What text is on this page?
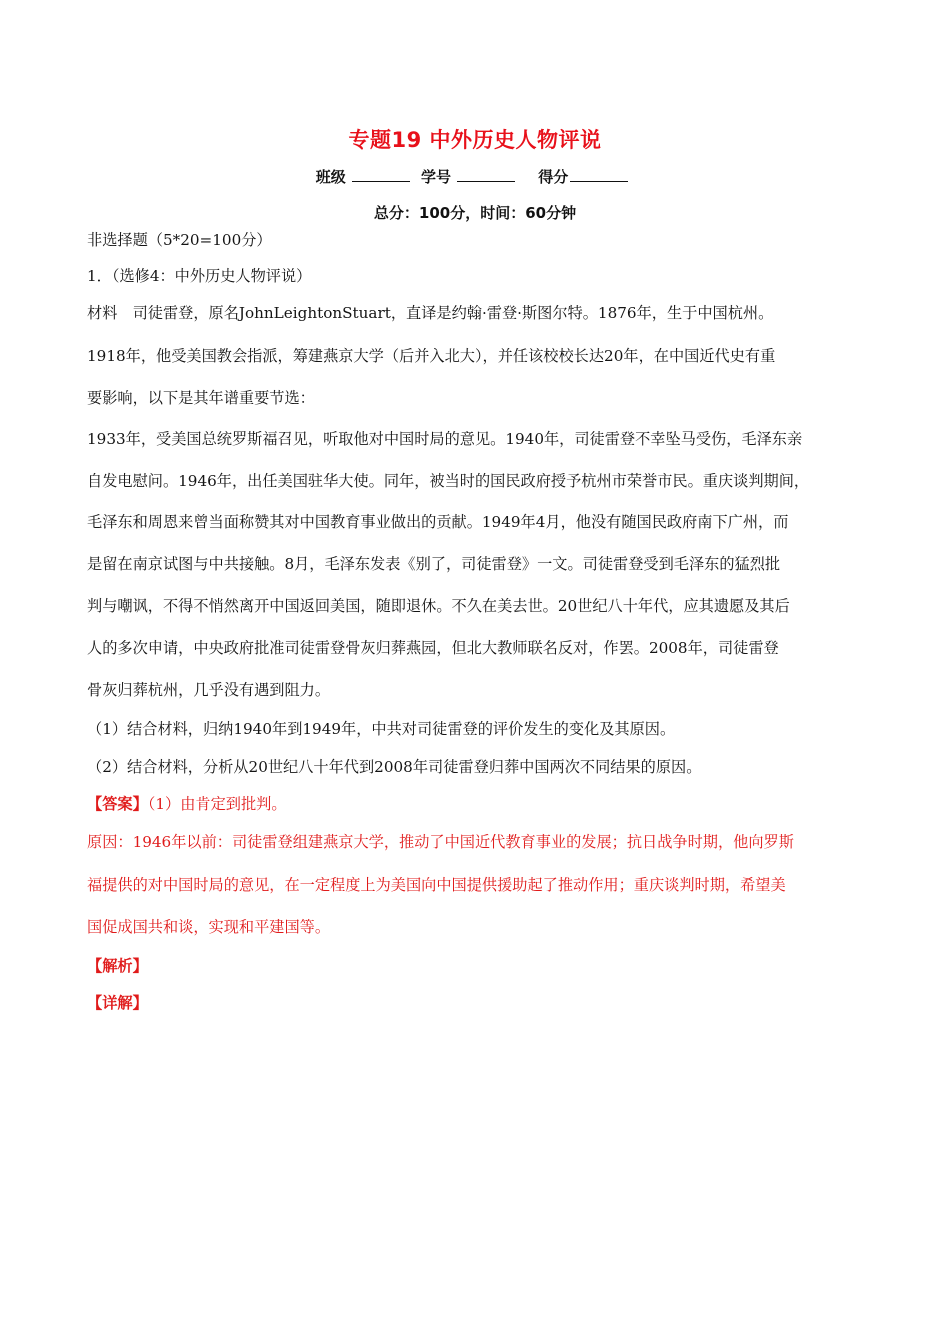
专题19 中外历史人物评说
班级	学号	得分
总分：100分，时间：60分钟
非选择题（5*20=100分）
1．（选修4：中外历史人物评说）
材料　司徒雷登，原名JohnLeightonStuart，直译是约翰·雷登·斯图尔特。1876年，生于中国杭州。
1918年，他受美国教会指派，筹建燕京大学（后并入北大），并任该校校长达20年，在中国近代史有重
要影响，以下是其年谱重要节选：
1933年，受美国总统罗斯福召见，听取他对中国时局的意见。1940年，司徒雷登不幸坠马受伤，毛泽东亲
自发电慰问。1946年，出任美国驻华大使。同年，被当时的国民政府授予杭州市荣誉市民。重庆谈判期间，
毛泽东和周恩来曾当面称赞其对中国教育事业做出的贡献。1949年4月，他没有随国民政府南下广州，而
是留在南京试图与中共接触。8月，毛泽东发表《别了，司徒雷登》一文。司徒雷登受到毛泽东的猛烈批
判与嘲讽，不得不悄然离开中国返回美国，随即退休。不久在美去世。20世纪八十年代，应其遗愿及其后
人的多次申请，中央政府批准司徒雷登骨灰归葬燕园，但北大教师联名反对，作罢。2008年，司徒雷登
骨灰归葬杭州，几乎没有遇到阻力。
（1）结合材料，归纳1940年到1949年，中共对司徒雷登的评价发生的变化及其原因。
（2）结合材料，分析从20世纪八十年代到2008年司徒雷登归葬中国两次不同结果的原因。
【答案】（1）由肯定到批判。
原因：1946年以前：司徒雷登组建燕京大学，推动了中国近代教育事业的发展；抗日战争时期，他向罗斯
福提供的对中国时局的意见，在一定程度上为美国向中国提供援助起了推动作用；重庆谈判时期，希望美
国促成国共和谈，实现和平建国等。
【解析】
【详解】
